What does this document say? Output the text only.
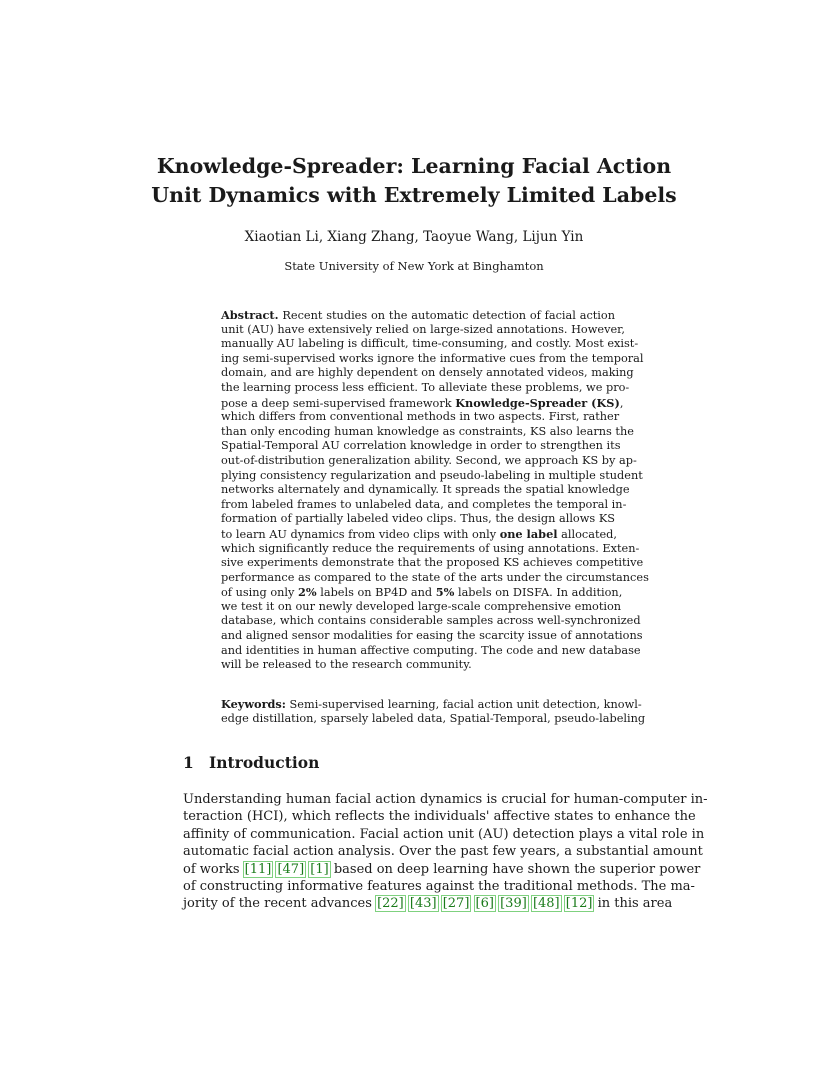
Knowledge-Spreader: Learning Facial Action
Unit Dynamics with Extremely Limited Labels
Xiaotian Li, Xiang Zhang, Taoyue Wang, Lijun Yin
State University of New York at Binghamton
Abstract. Recent studies on the automatic detection of facial action
unit (AU) have extensively relied on large-sized annotations. However,
manually AU labeling is difficult, time-consuming, and costly. Most exist-
ing semi-supervised works ignore the informative cues from the temporal
domain, and are highly dependent on densely annotated videos, making
the learning process less efficient. To alleviate these problems, we pro-
pose a deep semi-supervised framework Knowledge-Spreader (KS),
which differs from conventional methods in two aspects. First, rather
than only encoding human knowledge as constraints, KS also learns the
Spatial-Temporal AU correlation knowledge in order to strengthen its
out-of-distribution generalization ability. Second, we approach KS by ap-
plying consistency regularization and pseudo-labeling in multiple student
networks alternately and dynamically. It spreads the spatial knowledge
from labeled frames to unlabeled data, and completes the temporal in-
formation of partially labeled video clips. Thus, the design allows KS
to learn AU dynamics from video clips with only one label allocated,
which significantly reduce the requirements of using annotations. Exten-
sive experiments demonstrate that the proposed KS achieves competitive
performance as compared to the state of the arts under the circumstances
of using only 2% labels on BP4D and 5% labels on DISFA. In addition,
we test it on our newly developed large-scale comprehensive emotion
database, which contains considerable samples across well-synchronized
and aligned sensor modalities for easing the scarcity issue of annotations
and identities in human affective computing. The code and new database
will be released to the research community.
Keywords: Semi-supervised learning, facial action unit detection, knowl-
edge distillation, sparsely labeled data, Spatial-Temporal, pseudo-labeling
1 Introduction
Understanding human facial action dynamics is crucial for human-computer in-
teraction (HCI), which reflects the individuals' affective states to enhance the
affinity of communication. Facial action unit (AU) detection plays a vital role in
automatic facial action analysis. Over the past few years, a substantial amount
of works [11] [47] [1] based on deep learning have shown the superior power
of constructing informative features against the traditional methods. The ma-
jority of the recent advances [22] [43] [27] [6] [39] [48] [12] in this area
